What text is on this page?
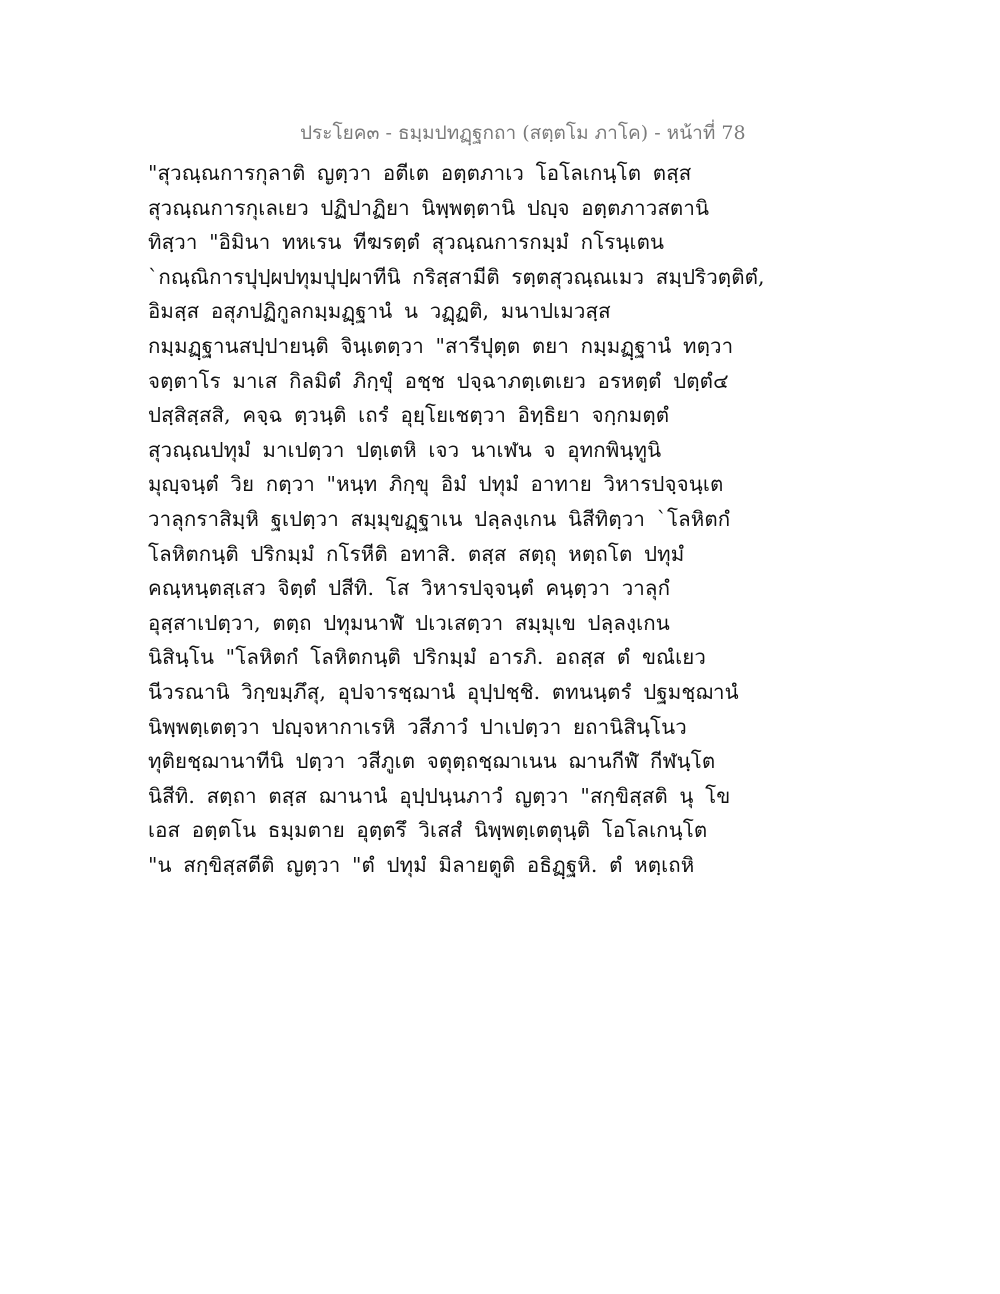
ประโยค๓ - ธมฺมปทฏฺฐกถา (สตฺตโม ภาโค) - หน้าที่ 78
"สุวณฺณการกุลาติ ญตฺวา อตีเต อตฺตภาเว โอโลเกนฺโต ตสฺส
สุวณฺณการกุเลเยว ปฏิปาฏิยา นิพฺพตฺตานิ ปญฺจ อตฺตภาวสตานิ
ทิสฺวา "อิมินา ทหเรน ทีฆรตฺตํ สุวณฺณการกมฺมํ กโรนฺเตน
`กณฺณิการปุปฺผปทุมปุปฺผาทีนิ กริสฺสามีติ รตฺตสุวณฺณเมว สมฺปริวตฺติตํ,
อิมสฺส อสุภปฏิกูลกมฺมฏฺฐานํ น วฏฺฏติ, มนาปเมวสฺส
กมฺมฏฺฐานสปฺปายนฺติ จินฺเตตฺวา "สารีปุตฺต ตยา กมฺมฏฺฐานํ ทตฺวา
จตฺตาโร มาเส กิลมิตํ ภิกฺขุํ อชฺช ปจฺฉาภตฺเตเยว อรหตฺตํ ปตฺตํ๔
ปสฺสิสฺสสิ, คจฺฉ ตฺวนฺติ เถรํ อุยฺโยเชตฺวา อิทฺธิยา จกฺกมตฺตํ
สุวณฺณปทุมํ มาเปตฺวา ปตฺเตหิ เจว นาเฬน จ อุทกพินฺทูนิ
มุญฺจนฺตํ วิย กตฺวา "หนฺท ภิกฺขุ อิมํ ปทุมํ อาทาย วิหารปจฺจนฺเต
วาลุกราสิมฺหิ ฐเปตฺวา สมฺมุขฏฺฐาเน ปลฺลงฺเกน นิสีทิตฺวา `โลหิตกํ
โลหิตกนฺติ ปริกมฺมํ กโรหีติ อทาสิ. ตสฺส สตฺถุ หตฺถโต ปทุมํ
คณฺหนฺตสฺเสว จิตฺตํ ปสีทิ. โส วิหารปจฺจนฺตํ คนฺตฺวา วาลุกํ
อุสฺสาเปตฺวา, ตตฺถ ปทุมนาฬํ ปเวเสตฺวา สมฺมุเข ปลฺลงฺเกน
นิสินฺโน "โลหิตกํ โลหิตกนฺติ ปริกมฺมํ อารภิ. อถสฺส ตํ ขณํเยว
นีวรณานิ วิกฺขมฺภึสุ, อุปจารชฺฌานํ อุปฺปชฺชิ. ตทนนฺตรํ ปฐมชฺฌานํ
นิพฺพตฺเตตฺวา ปญฺจหากาเรหิ วสีภาวํ ปาเปตฺวา ยถานิสินฺโนว
ทุติยชฺฌานาทีนิ ปตฺวา วสีภูเต จตุตฺถชฺฌาเนน ฌานกีฬํ กีฬนฺโต
นิสีทิ. สตฺถา ตสฺส ฌานานํ อุปฺปนฺนภาวํ ญตฺวา "สกฺขิสฺสติ นุ โข
เอส อตฺตโน ธมฺมตาย อุตฺตรึ วิเสสํ นิพฺพตฺเตตุนฺติ โอโลเกนฺโต
"น สกฺขิสฺสตีติ ญตฺวา "ตํ ปทุมํ มิลายตูติ อธิฏฺฐหิ. ตํ หตฺเถหิ
